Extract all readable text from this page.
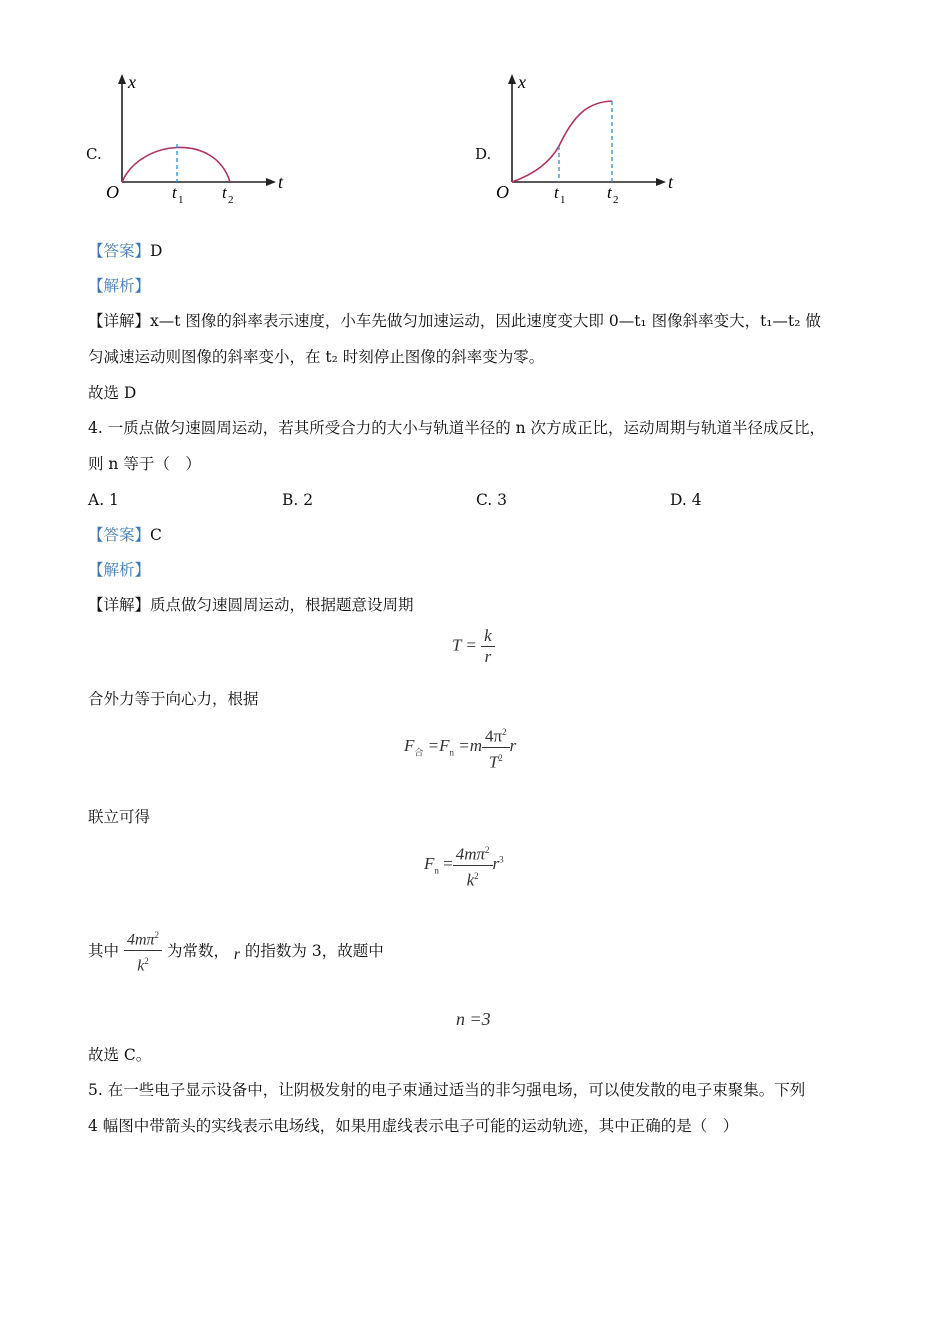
C.
x
t
O	t 1 t 2
D.
x
t
O	t 1 t 2
【答案】D
【解析】
【详解】x—t 图像的斜率表示速度，小车先做匀加速运动，因此速度变大即 0—t₁ 图像斜率变大，t₁—t₂ 做
匀减速运动则图像的斜率变小，在 t₂ 时刻停止图像的斜率变为零。
故选 D
4. 一质点做匀速圆周运动，若其所受合力的大小与轨道半径的 n 次方成正比，运动周期与轨道半径成反比，
则 n 等于（　）
A. 1	B. 2	C. 3	D. 4
【答案】C
【解析】
【详解】质点做匀速圆周运动，根据题意设周期
$T = \frac{k}{r}$
合外力等于向心力，根据
$F_合 =F_n =m \frac{4\pi^2}{T^2}$ r
联立可得
$F_n = \frac{4m\pi^2}{k^2} r^3$
其中 $\frac{4m\pi^2}{k^2}$ 为常数， r 的指数为 3，故题中
n =3
故选 C。
5. 在一些电子显示设备中，让阴极发射的电子束通过适当的非匀强电场，可以使发散的电子束聚集。下列
4 幅图中带箭头的实线表示电场线，如果用虚线表示电子可能的运动轨迹，其中正确的是（　）
